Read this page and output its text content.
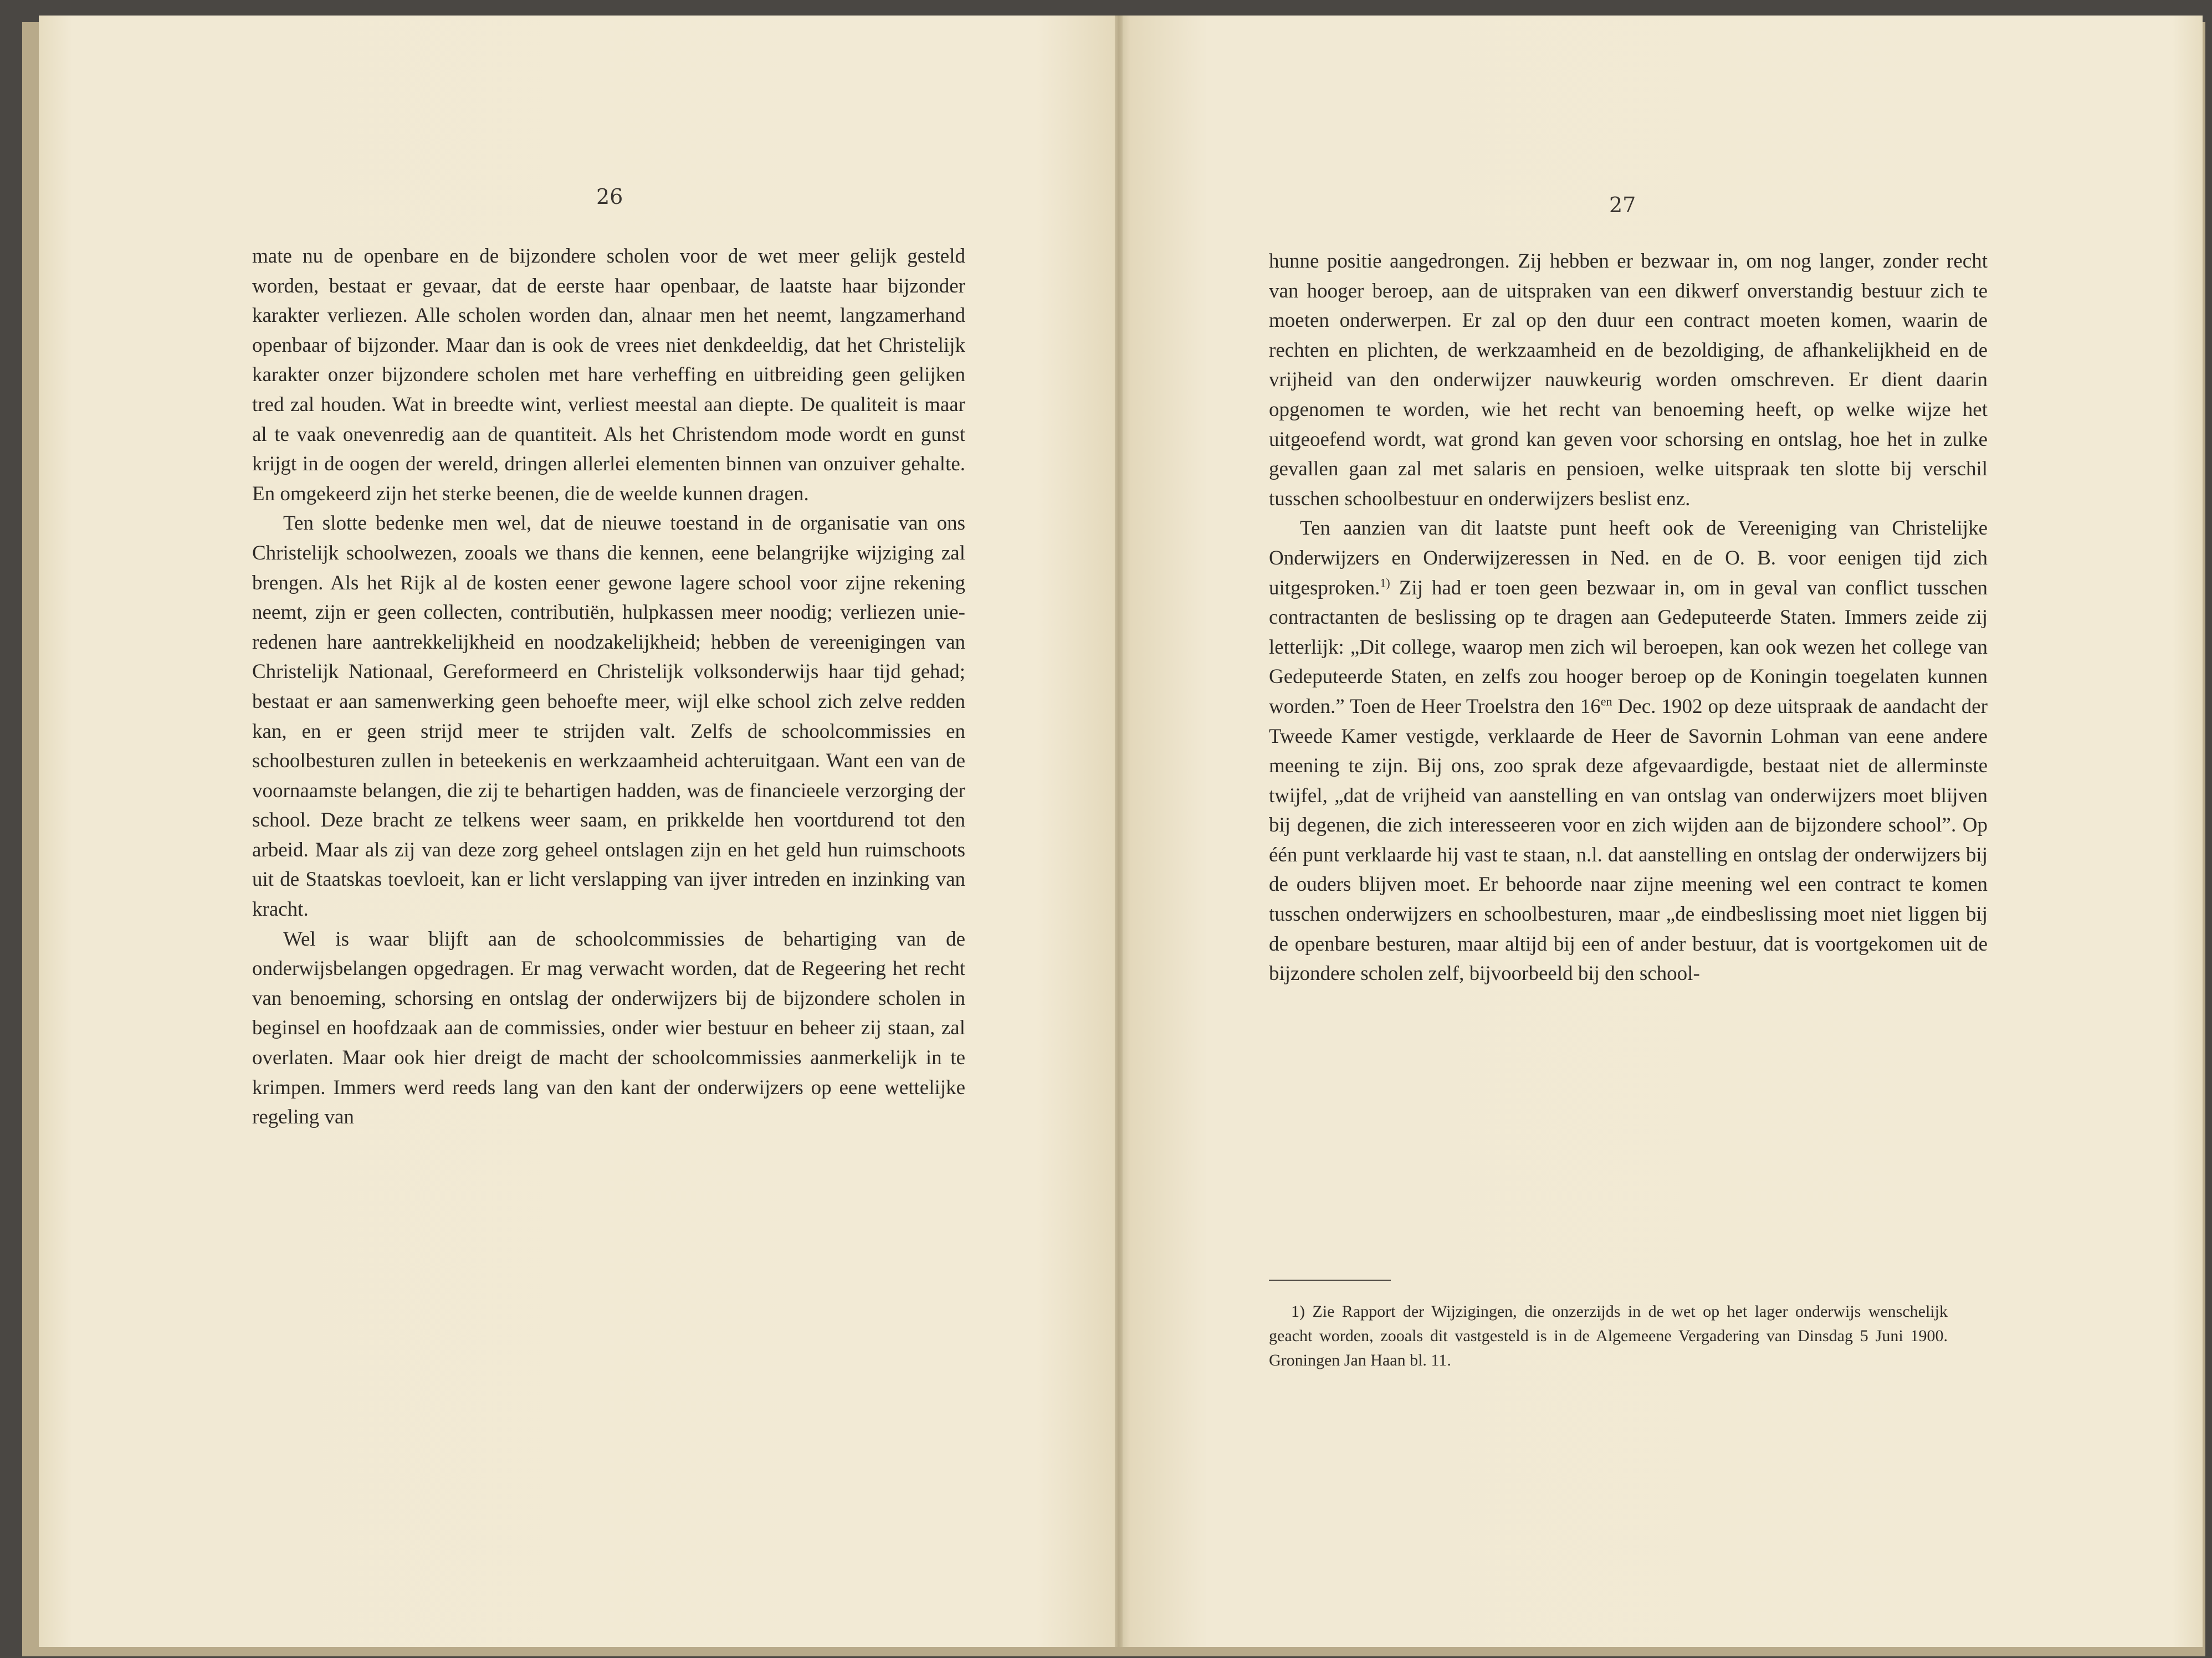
26	27

mate nu de openbare en de bijzondere scholen voor de wet meer gelijk gesteld worden, bestaat er gevaar, dat de eerste haar openbaar, de laatste haar bijzonder karakter verliezen. Alle scholen worden dan, alnaar men het neemt, langzamerhand openbaar of bijzonder. Maar dan is ook de vrees niet denkdeeldig, dat het Christelijk karakter onzer bijzondere scholen met hare verheffing en uitbreiding geen gelijken tred zal houden. Wat in breedte wint, verliest meestal aan diepte. De qualiteit is maar al te vaak onevenredig aan de quantiteit. Als het Christendom mode wordt en gunst krijgt in de oogen der wereld, dringen allerlei elementen binnen van onzuiver gehalte. En omgekeerd zijn het sterke beenen, die de weelde kunnen dragen.

Ten slotte bedenke men wel, dat de nieuwe toestand in de organisatie van ons Christelijk schoolwezen, zooals we thans die kennen, eene belangrijke wijziging zal brengen. Als het Rijk al de kosten eener gewone lagere school voor zijne rekening neemt, zijn er geen collecten, contributiën, hulpkassen meer noodig; verliezen unie-redenen hare aantrekkelijkheid en noodzakelijkheid; hebben de vereenigingen van Christelijk Nationaal, Gereformeerd en Christelijk volksonderwijs haar tijd gehad; bestaat er aan samenwerking geen behoefte meer, wijl elke school zich zelve redden kan, en er geen strijd meer te strijden valt. Zelfs de schoolcommissies en schoolbesturen zullen in beteekenis en werkzaamheid achteruitgaan. Want een van de voornaamste belangen, die zij te behartigen hadden, was de financieele verzorging der school. Deze bracht ze telkens weer saam, en prikkelde hen voortdurend tot den arbeid. Maar als zij van deze zorg geheel ontslagen zijn en het geld hun ruimschoots uit de Staatskas toevloeit, kan er licht verslapping van ijver intreden en inzinking van kracht.

Wel is waar blijft aan de schoolcommissies de behartiging van de onderwijsbelangen opgedragen. Er mag verwacht worden, dat de Regeering het recht van benoeming, schorsing en ontslag der onderwijzers bij de bijzondere scholen in beginsel en hoofdzaak aan de commissies, onder wier bestuur en beheer zij staan, zal overlaten. Maar ook hier dreigt de macht der schoolcommissies aanmerkelijk in te krimpen. Immers werd reeds lang van den kant der onderwijzers op eene wettelijke regeling van

hunne positie aangedrongen. Zij hebben er bezwaar in, om nog langer, zonder recht van hooger beroep, aan de uitspraken van een dikwerf onverstandig bestuur zich te moeten onderwerpen. Er zal op den duur een contract moeten komen, waarin de rechten en plichten, de werkzaamheid en de bezoldiging, de afhankelijkheid en de vrijheid van den onderwijzer nauwkeurig worden omschreven. Er dient daarin opgenomen te worden, wie het recht van benoeming heeft, op welke wijze het uitgeoefend wordt, wat grond kan geven voor schorsing en ontslag, hoe het in zulke gevallen gaan zal met salaris en pensioen, welke uitspraak ten slotte bij verschil tusschen schoolbestuur en onderwijzers beslist enz.

Ten aanzien van dit laatste punt heeft ook de Vereeniging van Christelijke Onderwijzers en Onderwijzeressen in Ned. en de O. B. voor eenigen tijd zich uitgesproken.$^{1)}$ Zij had er toen geen bezwaar in, om in geval van conflict tusschen contractanten de beslissing op te dragen aan Gedeputeerde Staten. Immers zeide zij letterlijk: „Dit college, waarop men zich wil beroepen, kan ook wezen het college van Gedeputeerde Staten, en zelfs zou hooger beroep op de Koningin toegelaten kunnen worden.” Toen de Heer Troelstra den $16^{en}$ Dec. 1902 op deze uitspraak de aandacht der Tweede Kamer vestigde, verklaarde de Heer de Savornin Lohman van eene andere meening te zijn. Bij ons, zoo sprak deze afgevaardigde, bestaat niet de allerminste twijfel, „dat de vrijheid van aanstelling en van ontslag van onderwijzers moet blijven bij degenen, die zich interesseeren voor en zich wijden aan de bijzondere school”. Op één punt verklaarde hij vast te staan, n.l. dat aanstelling en ontslag der onderwijzers bij de ouders blijven moet. Er behoorde naar zijne meening wel een contract te komen tusschen onderwijzers en schoolbesturen, maar „de eindbeslissing moet niet liggen bij de openbare besturen, maar altijd bij een of ander bestuur, dat is voortgekomen uit de bijzondere scholen zelf, bijvoorbeeld bij den school-

1) Zie Rapport der Wijzigingen, die onzerzijds in de wet op het lager onderwijs wenschelijk geacht worden, zooals dit vastgesteld is in de Algemeene Vergadering van Dinsdag 5 Juni 1900. Groningen Jan Haan bl. 11.
